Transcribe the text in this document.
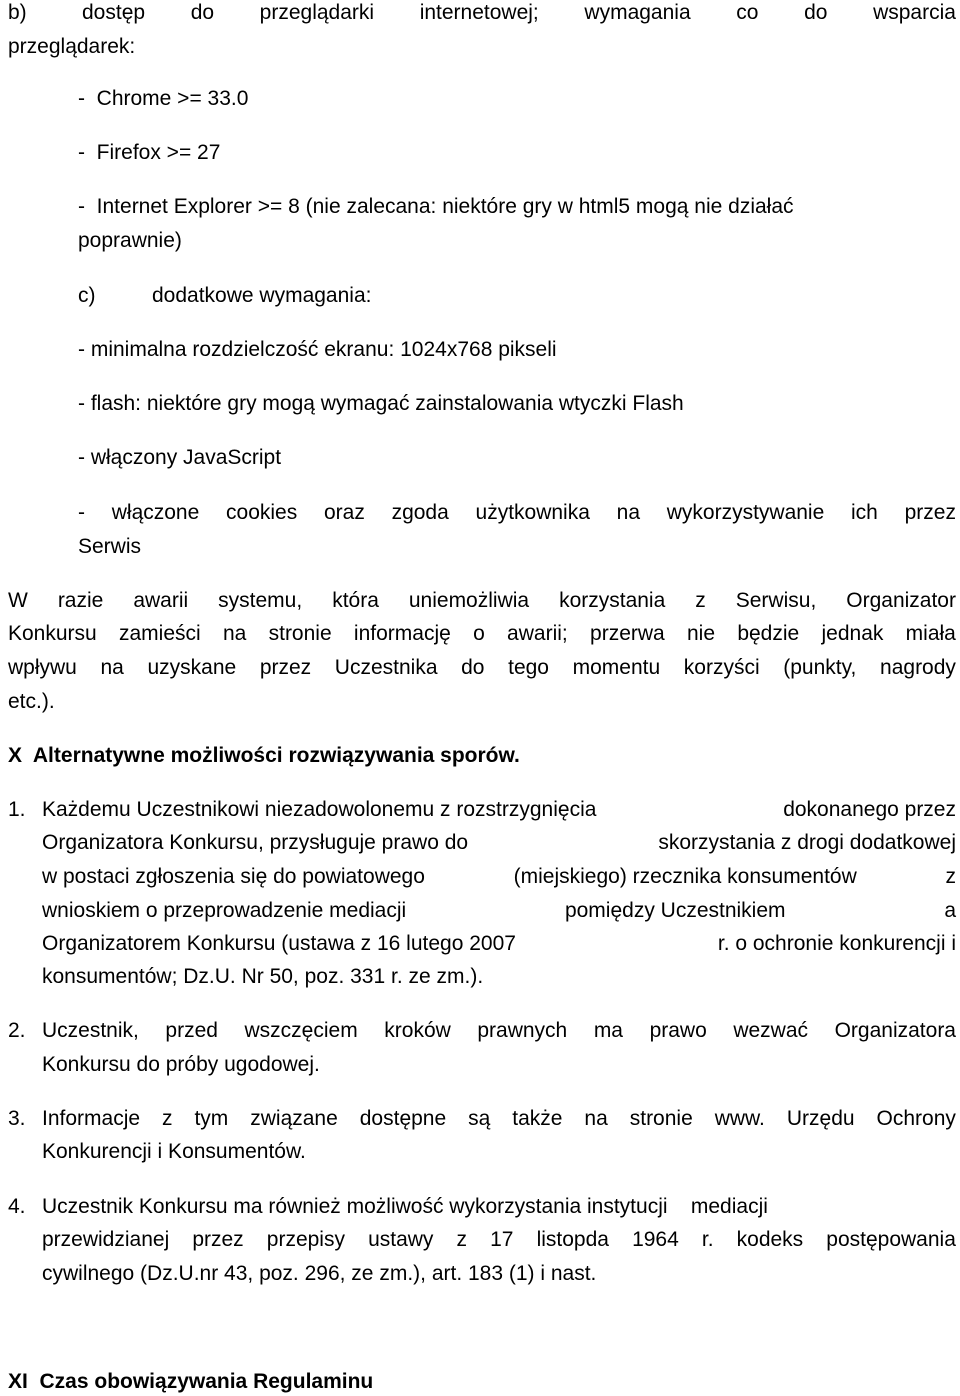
b)	dostęp do przeglądarki internetowej; wymagania co do wsparcia
przeglądarek:
-  Chrome >= 33.0
-  Firefox >= 27
-  Internet Explorer >= 8 (nie zalecana: niektóre gry w html5 mogą nie działać
poprawnie)
c)	dodatkowe wymagania:
- minimalna rozdzielczość ekranu: 1024x768 pikseli
- flash: niektóre gry mogą wymagać zainstalowania wtyczki Flash
- włączony JavaScript
- włączone cookies oraz zgoda użytkownika na wykorzystywanie ich przez
Serwis
W razie awarii systemu, która uniemożliwia korzystania z Serwisu, Organizator
Konkursu zamieści na stronie informację o awarii; przerwa nie będzie jednak miała
wpływu na uzyskane przez Uczestnika do tego momentu korzyści (punkty, nagrody
etc.).
X  Alternatywne możliwości rozwiązywania sporów.
1. Każdemu Uczestnikowi niezadowolonemu z rozstrzygnięcia	dokonanego przez
Organizatora Konkursu, przysługuje prawo do	skorzystania z drogi dodatkowej
w postaci zgłoszenia się do powiatowego	(miejskiego) rzecznika konsumentów	z
wnioskiem o przeprowadzenie mediacji	pomiędzy Uczestnikiem	a
Organizatorem Konkursu (ustawa z 16 lutego 2007	r. o ochronie konkurencji i
konsumentów; Dz.U. Nr 50, poz. 331 r. ze zm.).
2. Uczestnik, przed wszczęciem kroków prawnych ma prawo wezwać Organizatora
Konkursu do próby ugodowej.
3. Informacje z tym związane dostępne są także na stronie www. Urzędu Ochrony
Konkurencji i Konsumentów.
4. Uczestnik Konkursu ma również możliwość wykorzystania instytucji    mediacji
przewidzianej przez przepisy ustawy z 17 listopda 1964 r. kodeks postępowania
cywilnego (Dz.U.nr 43, poz. 296, ze zm.), art. 183 (1) i nast.
XI  Czas obowiązywania Regulaminu
